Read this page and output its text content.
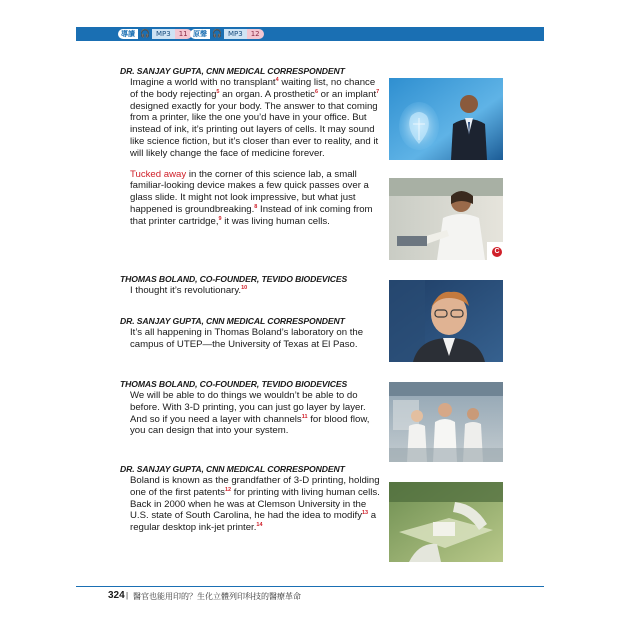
導讀 🎧 MP3	11 原聲 🎧 MP3	12

DR. SANJAY GUPTA, CNN MEDICAL CORRESPONDENT

Imagine a world with no transplant$^4$ waiting list, no chance of the body rejecting$^5$ an organ. A prosthetic$^6$ or an implant$^7$ designed exactly for your body. The answer to that coming from a printer, like the one you’d have in your office. But instead of ink, it’s printing out layers of cells. It may sound like science fiction, but it’s closer than ever to reality, and it will likely change the face of medicine forever.

Tucked away in the corner of this science lab, a small familiar-looking device makes a few quick passes over a glass slide. It might not look impressive, but what just happened is groundbreaking.$^8$ Instead of ink coming from that printer cartridge,$^9$ it was living human cells.

THOMAS BOLAND, CO-FOUNDER, TEVIDO BIODEVICES

I thought it’s revolutionary.$^{10}$

DR. SANJAY GUPTA, CNN MEDICAL CORRESPONDENT

It’s all happening in Thomas Boland’s laboratory on the campus of UTEP—the University of Texas at El Paso.

THOMAS BOLAND, CO-FOUNDER, TEVIDO BIODEVICES

We will be able to do things we wouldn’t be able to do before. With 3-D printing, you can just go layer by layer. And so if you need a layer with channels$^{11}$ for blood flow, you can design that into your system.

DR. SANJAY GUPTA, CNN MEDICAL CORRESPONDENT

Boland is known as the grandfather of 3-D printing, holding one of the first patents$^{12}$ for printing with living human cells. Back in 2000 when he was at Clemson University in the U.S. state of South Carolina, he had the idea to modify$^{13}$ a regular desktop ink-jet printer.$^{14}$

C
324 | 醫官也能用印的？生化立體列印科技的醫療革命
